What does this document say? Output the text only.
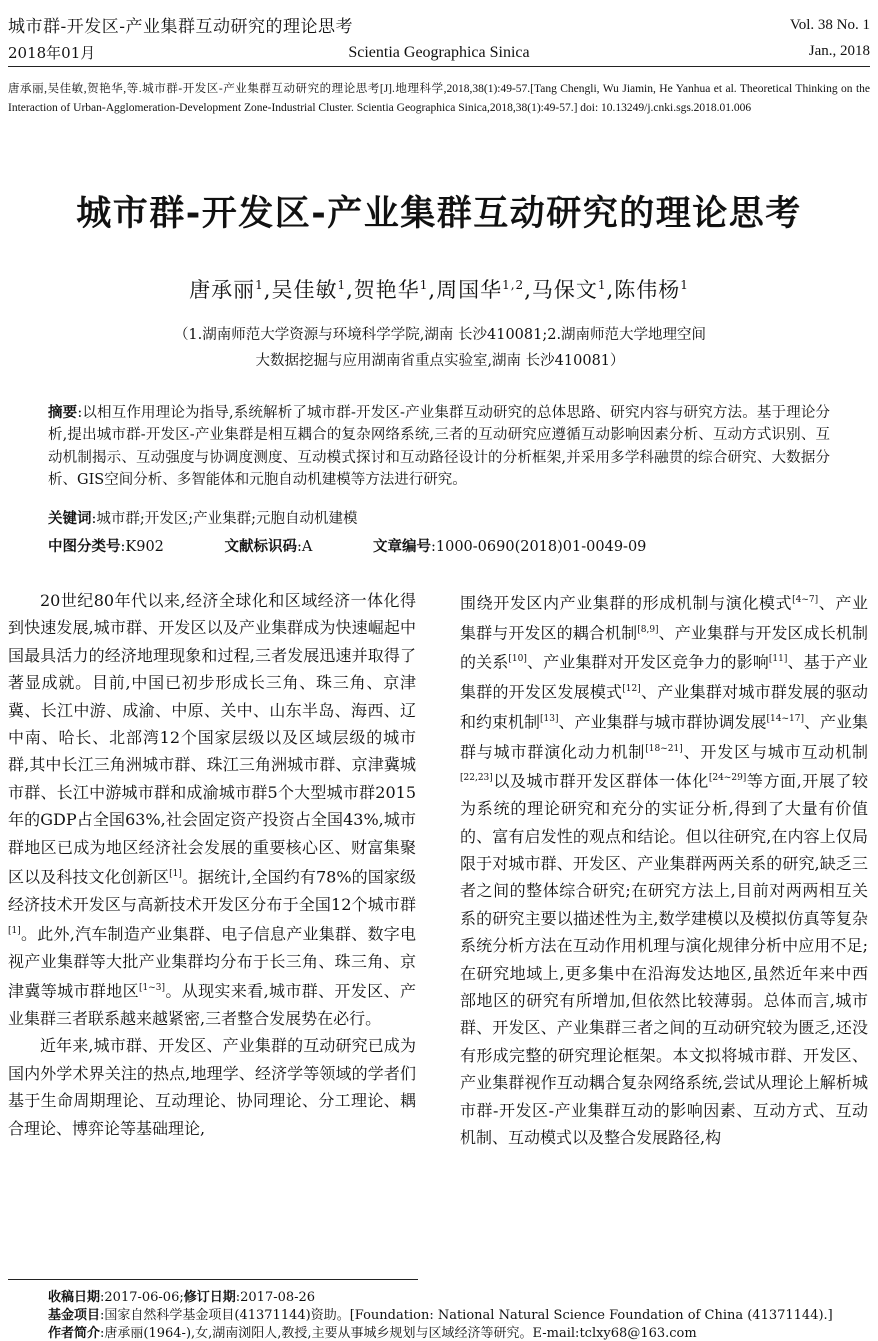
城市群-开发区-产业集群互动研究的理论思考	Vol. 38 No. 1
2018年01月	Scientia Geographica Sinica	Jan., 2018
唐承丽,吴佳敏,贺艳华,等.城市群-开发区-产业集群互动研究的理论思考[J].地理科学,2018,38(1):49-57.[Tang Chengli, Wu Jiamin, He Yanhua et al. Theoretical Thinking on the Interaction of Urban-Agglomeration-Development Zone-Industrial Cluster. Scientia Geographica Sinica,2018,38(1):49-57.] doi: 10.13249/j.cnki.sgs.2018.01.006
城市群-开发区-产业集群互动研究的理论思考
唐承丽$^1$,吴佳敏$^1$,贺艳华$^1$,周国华$^{1,2}$,马保文$^1$,陈伟杨$^1$
（1.湖南师范大学资源与环境科学学院,湖南 长沙410081;2.湖南师范大学地理空间
大数据挖掘与应用湖南省重点实验室,湖南 长沙410081）
摘要:以相互作用理论为指导,系统解析了城市群-开发区-产业集群互动研究的总体思路、研究内容与研究方法。基于理论分析,提出城市群-开发区-产业集群是相互耦合的复杂网络系统,三者的互动研究应遵循互动影响因素分析、互动方式识别、互动机制揭示、互动强度与协调度测度、互动模式探讨和互动路径设计的分析框架,并采用多学科融贯的综合研究、大数据分析、GIS空间分析、多智能体和元胞自动机建模等方法进行研究。
关键词:城市群;开发区;产业集群;元胞自动机建模
中图分类号:K902	文献标识码:A	文章编号:1000-0690(2018)01-0049-09

20世纪80年代以来,经济全球化和区域经济一体化得到快速发展,城市群、开发区以及产业集群成为快速崛起中国最具活力的经济地理现象和过程,三者发展迅速并取得了著显成就。目前,中国已初步形成长三角、珠三角、京津冀、长江中游、成渝、中原、关中、山东半岛、海西、辽中南、哈长、北部湾12个国家层级以及区域层级的城市群,其中长江三角洲城市群、珠江三角洲城市群、京津冀城市群、长江中游城市群和成渝城市群5个大型城市群2015年的GDP占全国63%,社会固定资产投资占全国43%,城市群地区已成为地区经济社会发展的重要核心区、财富集聚区以及科技文化创新区[1]。据统计,全国约有78%的国家级经济技术开发区与高新技术开发区分布于全国12个城市群[1]。此外,汽车制造产业集群、电子信息产业集群、数字电视产业集群等大批产业集群均分布于长三角、珠三角、京津冀等城市群地区[1~3]。从现实来看,城市群、开发区、产业集群三者联系越来越紧密,三者整合发展势在必行。

近年来,城市群、开发区、产业集群的互动研究已成为国内外学术界关注的热点,地理学、经济学等领域的学者们基于生命周期理论、互动理论、协同理论、分工理论、耦合理论、博弈论等基础理论,

围绕开发区内产业集群的形成机制与演化模式[4~7]、产业集群与开发区的耦合机制[8,9]、产业集群与开发区成长机制的关系[10]、产业集群对开发区竞争力的影响[11]、基于产业集群的开发区发展模式[12]、产业集群对城市群发展的驱动和约束机制[13]、产业集群与城市群协调发展[14~17]、产业集群与城市群演化动力机制[18~21]、开发区与城市互动机制[22,23]以及城市群开发区群体一体化[24~29]等方面,开展了较为系统的理论研究和充分的实证分析,得到了大量有价值的、富有启发性的观点和结论。但以往研究,在内容上仅局限于对城市群、开发区、产业集群两两关系的研究,缺乏三者之间的整体综合研究;在研究方法上,目前对两两相互关系的研究主要以描述性为主,数学建模以及模拟仿真等复杂系统分析方法在互动作用机理与演化规律分析中应用不足;在研究地域上,更多集中在沿海发达地区,虽然近年来中西部地区的研究有所增加,但依然比较薄弱。总体而言,城市群、开发区、产业集群三者之间的互动研究较为匮乏,还没有形成完整的研究理论框架。本文拟将城市群、开发区、产业集群视作互动耦合复杂网络系统,尝试从理论上解析城市群-开发区-产业集群互动的影响因素、互动方式、互动机制、互动模式以及整合发展路径,构

收稿日期:2017-06-06;修订日期:2017-08-26
基金项目:国家自然科学基金项目(41371144)资助。[Foundation: National Natural Science Foundation of China (41371144).]
作者简介:唐承丽(1964-),女,湖南浏阳人,教授,主要从事城乡规划与区域经济等研究。E-mail:tclxy68@163.com
